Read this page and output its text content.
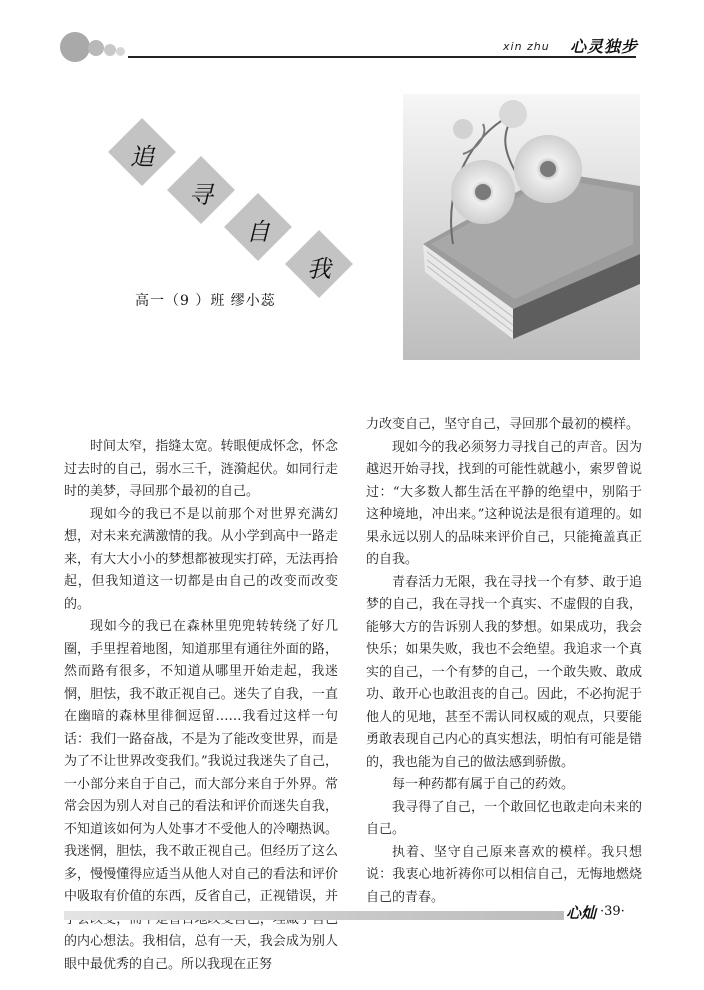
xin zhu 心灵独步
追
寻
自
我
高一（9 ）班 缪小蕊

时间太窄，指缝太宽。转眼便成怀念，怀念过去时的自己，弱水三千，涟漪起伏。如同行走时的美梦，寻回那个最初的自己。

现如今的我已不是以前那个对世界充满幻想，对未来充满激情的我。从小学到高中一路走来，有大大小小的梦想都被现实打碎，无法再拾起，但我知道这一切都是由自己的改变而改变的。

现如今的我已在森林里兜兜转转绕了好几圈，手里捏着地图，知道那里有通往外面的路，然而路有很多，不知道从哪里开始走起，我迷惘，胆怯，我不敢正视自己。迷失了自我，一直在幽暗的森林里徘徊逗留……我看过这样一句话：我们一路奋战，不是为了能改变世界，而是为了不让世界改变我们。”我说过我迷失了自己，一小部分来自于自己，而大部分来自于外界。常常会因为别人对自己的看法和评价而迷失自我，不知道该如何为人处事才不受他人的冷嘲热讽。我迷惘，胆怯，我不敢正视自己。但经历了这么多，慢慢懂得应适当从他人对自己的看法和评价中吸取有价值的东西，反省自己，正视错误，并 的内心想法。我相信，总有一天，我会成为别人眼中最优秀的自己。所以我现在正努

力改变自己，坚守自己，寻回那个最初的模样。

现如今的我必须努力寻找自己的声音。因为越迟开始寻找，找到的可能性就越小，索罗曾说过：“大多数人都生活在平静的绝望中，别陷于这种境地，冲出来。”这种说法是很有道理的。如果永远以别人的品味来评价自己，只能掩盖真正的自我。

青春活力无限，我在寻找一个有梦、敢于追梦的自己，我在寻找一个真实、不虚假的自我，能够大方的告诉别人我的梦想。如果成功，我会快乐；如果失败，我也不会绝望。我追求一个真实的自己，一个有梦的自己，一个敢失败、敢成功、敢开心也敢沮丧的自己。因此，不必拘泥于他人的见地，甚至不需认同权威的观点，只要能勇敢表现自己内心的真实想法，明怕有可能是错的，我也能为自己的做法感到骄傲。

每一种药都有属于自己的药效。

我寻得了自己，一个敢回忆也敢走向未来的自己。

执着、坚守自己原来喜欢的模样。我只想说：我衷心地祈祷你可以相信自己，无悔地燃烧自己的青春。

心灿 ·39·
